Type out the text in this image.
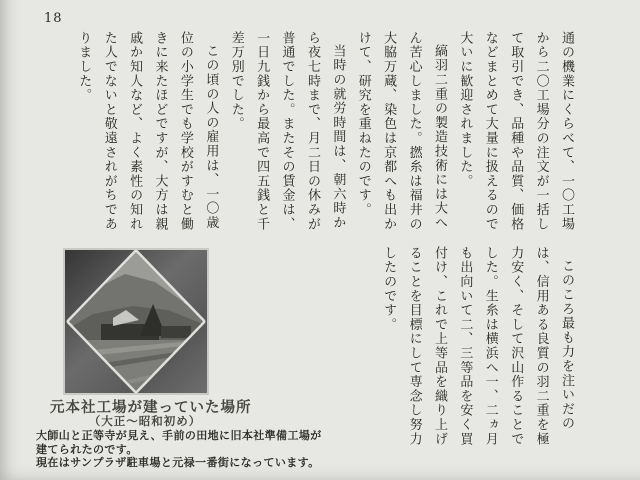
18

通の機業にくらべて、一〇工場から二〇工場分の注文が一括して取引でき、品種や品質、価格などまとめて大量に扱えるので大いに歓迎されました。

縞羽二重の製造技術には大へん苦心しました。撚糸は福井の大脇万蔵、染色は京都へも出かけて、研究を重ねたのです。

当時の就労時間は、朝六時から夜七時まで、月二日の休みが普通でした。またその賃金は、一日九銭から最高で四五銭と千差万別でした。

この頃の人の雇用は、一〇歳位の小学生でも学校がすむと働きに来たほどですが、大方は親戚か知人など、よく素性の知れた人でないと敬遠されがちでありました。

このころ最も力を注いだのは、信用ある良質の羽二重を極力安く、そして沢山作ることでした。生糸は横浜へ一、二ヵ月も出向いて二、三等品を安く買付け、これで上等品を織り上げることを目標にして専念し努力したのです。

元本社工場が建っていた場所
（大正～昭和初め）
大師山と正等寺が見え、手前の田地に旧本社準備工場が
建てられたのです。
現在はサンプラザ駐車場と元禄一番街になっています。
